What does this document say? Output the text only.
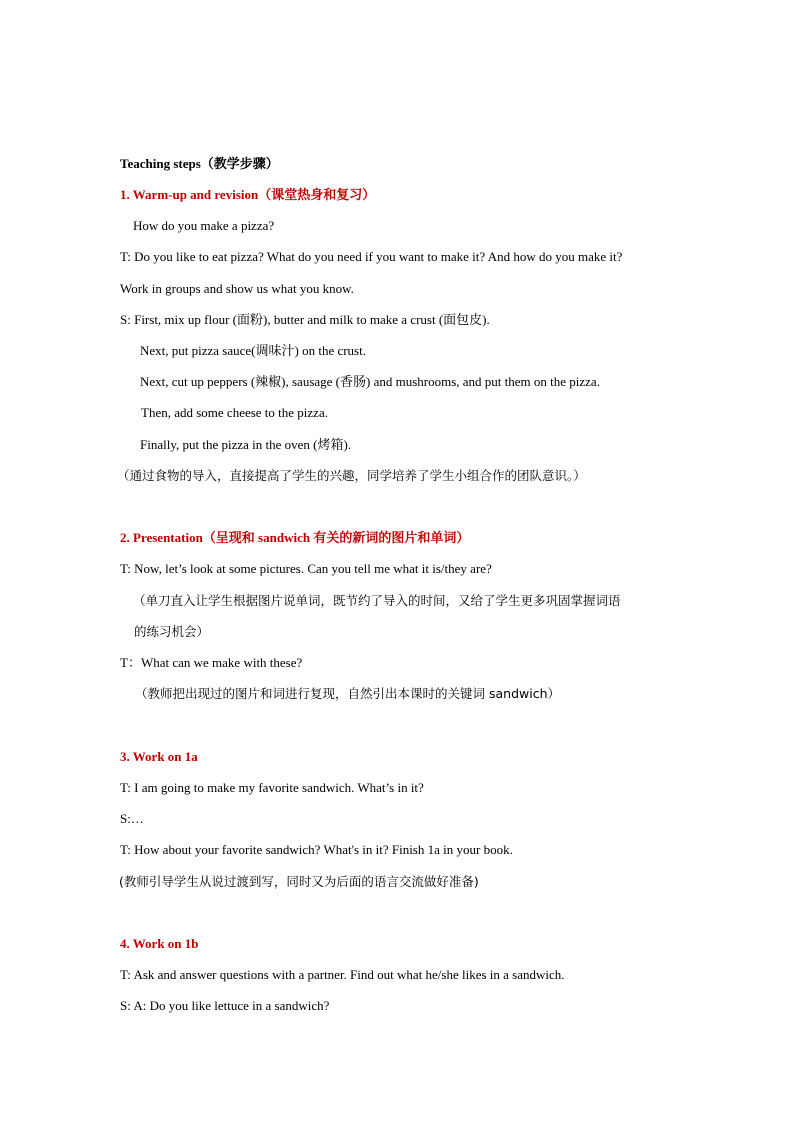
Teaching steps（教学步骤）
1. Warm-up and revision（课堂热身和复习）
How do you make a pizza?
T: Do you like to eat pizza? What do you need if you want to make it? And how do you make it?
Work in groups and show us what you know.
S: First, mix up flour (面粉), butter and milk to make a crust (面包皮).
Next, put pizza sauce(调味汁) on the crust.
Next, cut up peppers (辣椒), sausage (香肠) and mushrooms, and put them on the pizza.
Then, add some cheese to the pizza.
Finally, put the pizza in the oven (烤箱).
（通过食物的导入，直接提高了学生的兴趣，同学培养了学生小组合作的团队意识。）
2. Presentation（呈现和 sandwich 有关的新词的图片和单词）
T: Now, let’s look at some pictures. Can you tell me what it is/they are?
（单刀直入让学生根据图片说单词，既节约了导入的时间，又给了学生更多巩固掌握词语
的练习机会）
T：What can we make with these?
（教师把出现过的图片和词进行复现，自然引出本课时的关键词 sandwich）
3. Work on 1a
T: I am going to make my favorite sandwich. What’s in it?
S:…
T: How about your favorite sandwich? What's in it? Finish 1a in your book.
(教师引导学生从说过渡到写，同时又为后面的语言交流做好准备)
4. Work on 1b
T: Ask and answer questions with a partner. Find out what he/she likes in a sandwich.
S: A: Do you like lettuce in a sandwich?
